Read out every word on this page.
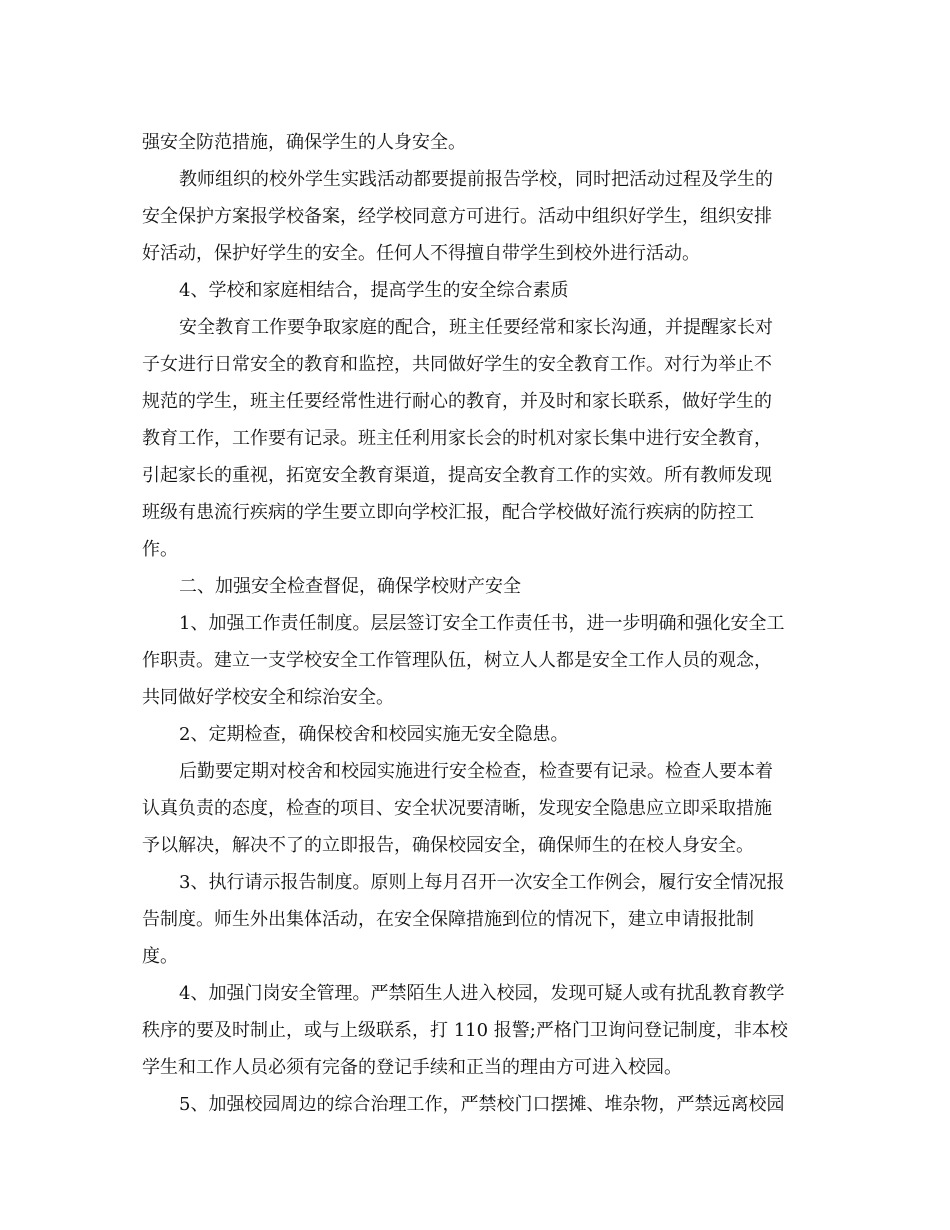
强安全防范措施，确保学生的人身安全。
教师组织的校外学生实践活动都要提前报告学校，同时把活动过程及学生的
安全保护方案报学校备案，经学校同意方可进行。活动中组织好学生，组织安排
好活动，保护好学生的安全。任何人不得擅自带学生到校外进行活动。
4、学校和家庭相结合，提高学生的安全综合素质
安全教育工作要争取家庭的配合，班主任要经常和家长沟通，并提醒家长对
子女进行日常安全的教育和监控，共同做好学生的安全教育工作。对行为举止不
规范的学生，班主任要经常性进行耐心的教育，并及时和家长联系，做好学生的
教育工作，工作要有记录。班主任利用家长会的时机对家长集中进行安全教育，
引起家长的重视，拓宽安全教育渠道，提高安全教育工作的实效。所有教师发现
班级有患流行疾病的学生要立即向学校汇报，配合学校做好流行疾病的防控工
作。
二、加强安全检查督促，确保学校财产安全
1、加强工作责任制度。层层签订安全工作责任书，进一步明确和强化安全工
作职责。建立一支学校安全工作管理队伍，树立人人都是安全工作人员的观念，
共同做好学校安全和综治安全。
2、定期检查，确保校舍和校园实施无安全隐患。
后勤要定期对校舍和校园实施进行安全检查，检查要有记录。检查人要本着
认真负责的态度，检查的项目、安全状况要清晰，发现安全隐患应立即采取措施
予以解决，解决不了的立即报告，确保校园安全，确保师生的在校人身安全。
3、执行请示报告制度。原则上每月召开一次安全工作例会，履行安全情况报
告制度。师生外出集体活动，在安全保障措施到位的情况下，建立申请报批制
度。
4、加强门岗安全管理。严禁陌生人进入校园，发现可疑人或有扰乱教育教学
秩序的要及时制止，或与上级联系，打 110 报警;严格门卫询问登记制度，非本校
学生和工作人员必须有完备的登记手续和正当的理由方可进入校园。
5、加强校园周边的综合治理工作，严禁校门口摆摊、堆杂物，严禁远离校园
